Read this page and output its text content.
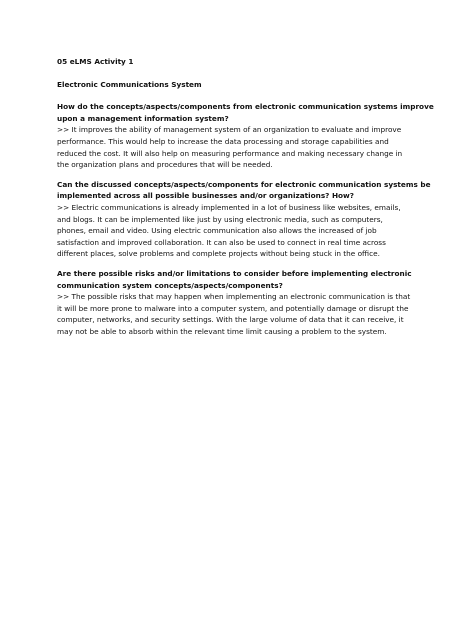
05 eLMS Activity 1

Electronic Communications System

How do the concepts/aspects/components from electronic communication systems improve

upon a management information system?

>> It improves the ability of management system of an organization to evaluate and improve

performance. This would help to increase the data processing and storage capabilities and

reduced the cost. It will also help on measuring performance and making necessary change in

the organization plans and procedures that will be needed.

Can the discussed concepts/aspects/components for electronic communication systems be

implemented across all possible businesses and/or organizations? How?

>> Electric communications is already implemented in a lot of business like websites, emails,

and blogs. It can be implemented like just by using electronic media, such as computers,

phones, email and video. Using electric communication also allows the increased of job

satisfaction and improved collaboration. It can also be used to connect in real time across

different places, solve problems and complete projects without being stuck in the office.

Are there possible risks and/or limitations to consider before implementing electronic

communication system concepts/aspects/components?

>> The possible risks that may happen when implementing an electronic communication is that

it will be more prone to malware into a computer system, and potentially damage or disrupt the

computer, networks, and security settings. With the large volume of data that it can receive, it

may not be able to absorb within the relevant time limit causing a problem to the system.
